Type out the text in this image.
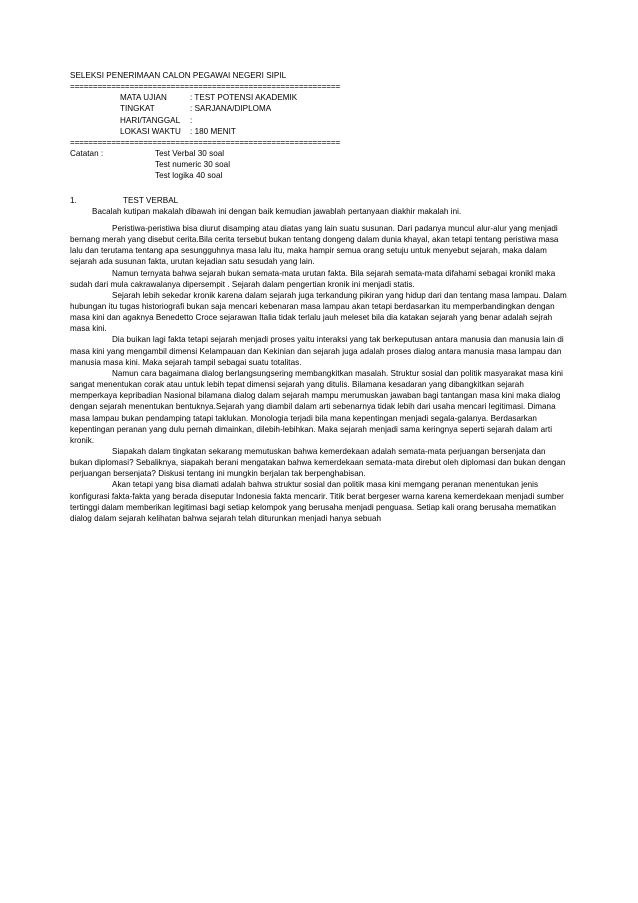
SELEKSI PENERIMAAN CALON PEGAWAI NEGERI SIPIL
===========================================================
MATA UJIAN	: TEST POTENSI AKADEMIK
TINGKAT	: SARJANA/DIPLOMA
HARI/TANGGAL	:
LOKASI WAKTU	: 180 MENIT
===========================================================
Catatan :	Test Verbal 30 soal
Test numeric 30 soal
Test logika 40 soal
1.	TEST VERBAL

Bacalah kutipan makalah dibawah ini dengan baik kemudian jawablah pertanyaan diakhir makalah ini.

Peristiwa-peristiwa bisa diurut disamping atau diatas yang lain suatu susunan. Dari padanya muncul alur-alur yang menjadi bernang merah yang disebut cerita.Bila cerita tersebut bukan tentang dongeng dalam dunia khayal, akan tetapi tentang peristiwa masa lalu dan terutama tentang apa sesungguhnya masa lalu itu, maka hampir semua orang setuju untuk menyebut sejarah, maka dalam sejarah ada susunan fakta, urutan kejadian satu sesudah yang lain.

Namun ternyata bahwa sejarah bukan semata-mata urutan fakta. Bila sejarah semata-mata difahami sebagai kronikl maka sudah dari mula cakrawalanya dipersempit . Sejarah dalam pengertian kronik ini menjadi statis.

Sejarah lebih sekedar kronik karena dalam sejarah juga terkandung pikiran yang hidup dari dan tentang masa lampau. Dalam hubungan itu tugas historiografi bukan saja mencari kebenaran masa lampau akan tetapi berdasarkan itu memperbandingkan dengan masa kini dan agaknya Benedetto Croce sejarawan Italia tidak terlalu jauh meleset bila dia katakan sejarah yang benar adalah sejrah masa kini.

Dia buikan lagi fakta tetapi sejarah menjadi proses yaitu interaksi yang tak berkeputusan antara manusia dan manusia lain di masa kini yang mengambil dimensi Kelampauan dan Kekinian dan sejarah juga adalah proses dialog antara manusia masa lampau dan manusia masa kini. Maka sejarah tampil sebagai suatu totalitas.

Namun cara bagaimana dialog berlangsungsering membangkitkan masalah. Struktur sosial dan politik masyarakat masa kini sangat menentukan corak atau untuk lebih tepat dimensi sejarah yang ditulis. Bilamana kesadaran yang dibangkitkan sejarah memperkaya kepribadian Nasional bilamana dialog dalam sejarah mampu merumuskan jawaban bagi tantangan masa kini maka dialog dengan sejarah menentukan bentuknya.Sejarah yang diambil dalam arti sebenarnya tidak lebih dari usaha mencari legitimasi. Dimana masa lampau bukan pendamping tatapi taklukan. Monologia terjadi bila mana kepentingan menjadi segala-galanya. Berdasarkan kepentingan peranan yang dulu pernah dimainkan, dilebih-lebihkan. Maka sejarah menjadi sama keringnya seperti sejarah dalam arti kronik.

Siapakah dalam tingkatan sekarang memutuskan bahwa kemerdekaan adalah semata-mata perjuangan bersenjata dan bukan diplomasi? Sebaliknya, siapakah berani mengatakan bahwa kemerdekaan semata-mata direbut oleh diplomasi dan bukan dengan perjuangan bersenjata? Diskusi tentang ini mungkin berjalan tak berpenghabisan.

Akan tetapi yang bisa diamati adalah bahwa struktur sosial dan politik masa kini memgang peranan menentukan jenis konfigurasi fakta-fakta yang berada diseputar Indonesia fakta mencarir. Titik berat bergeser warna karena kemerdekaan menjadi sumber tertinggi dalam memberikan legitimasi bagi setiap kelompok yang berusaha menjadi penguasa. Setiap kali orang berusaha mematikan dialog dalam sejarah kelihatan bahwa sejarah telah diturunkan menjadi hanya sebuah
